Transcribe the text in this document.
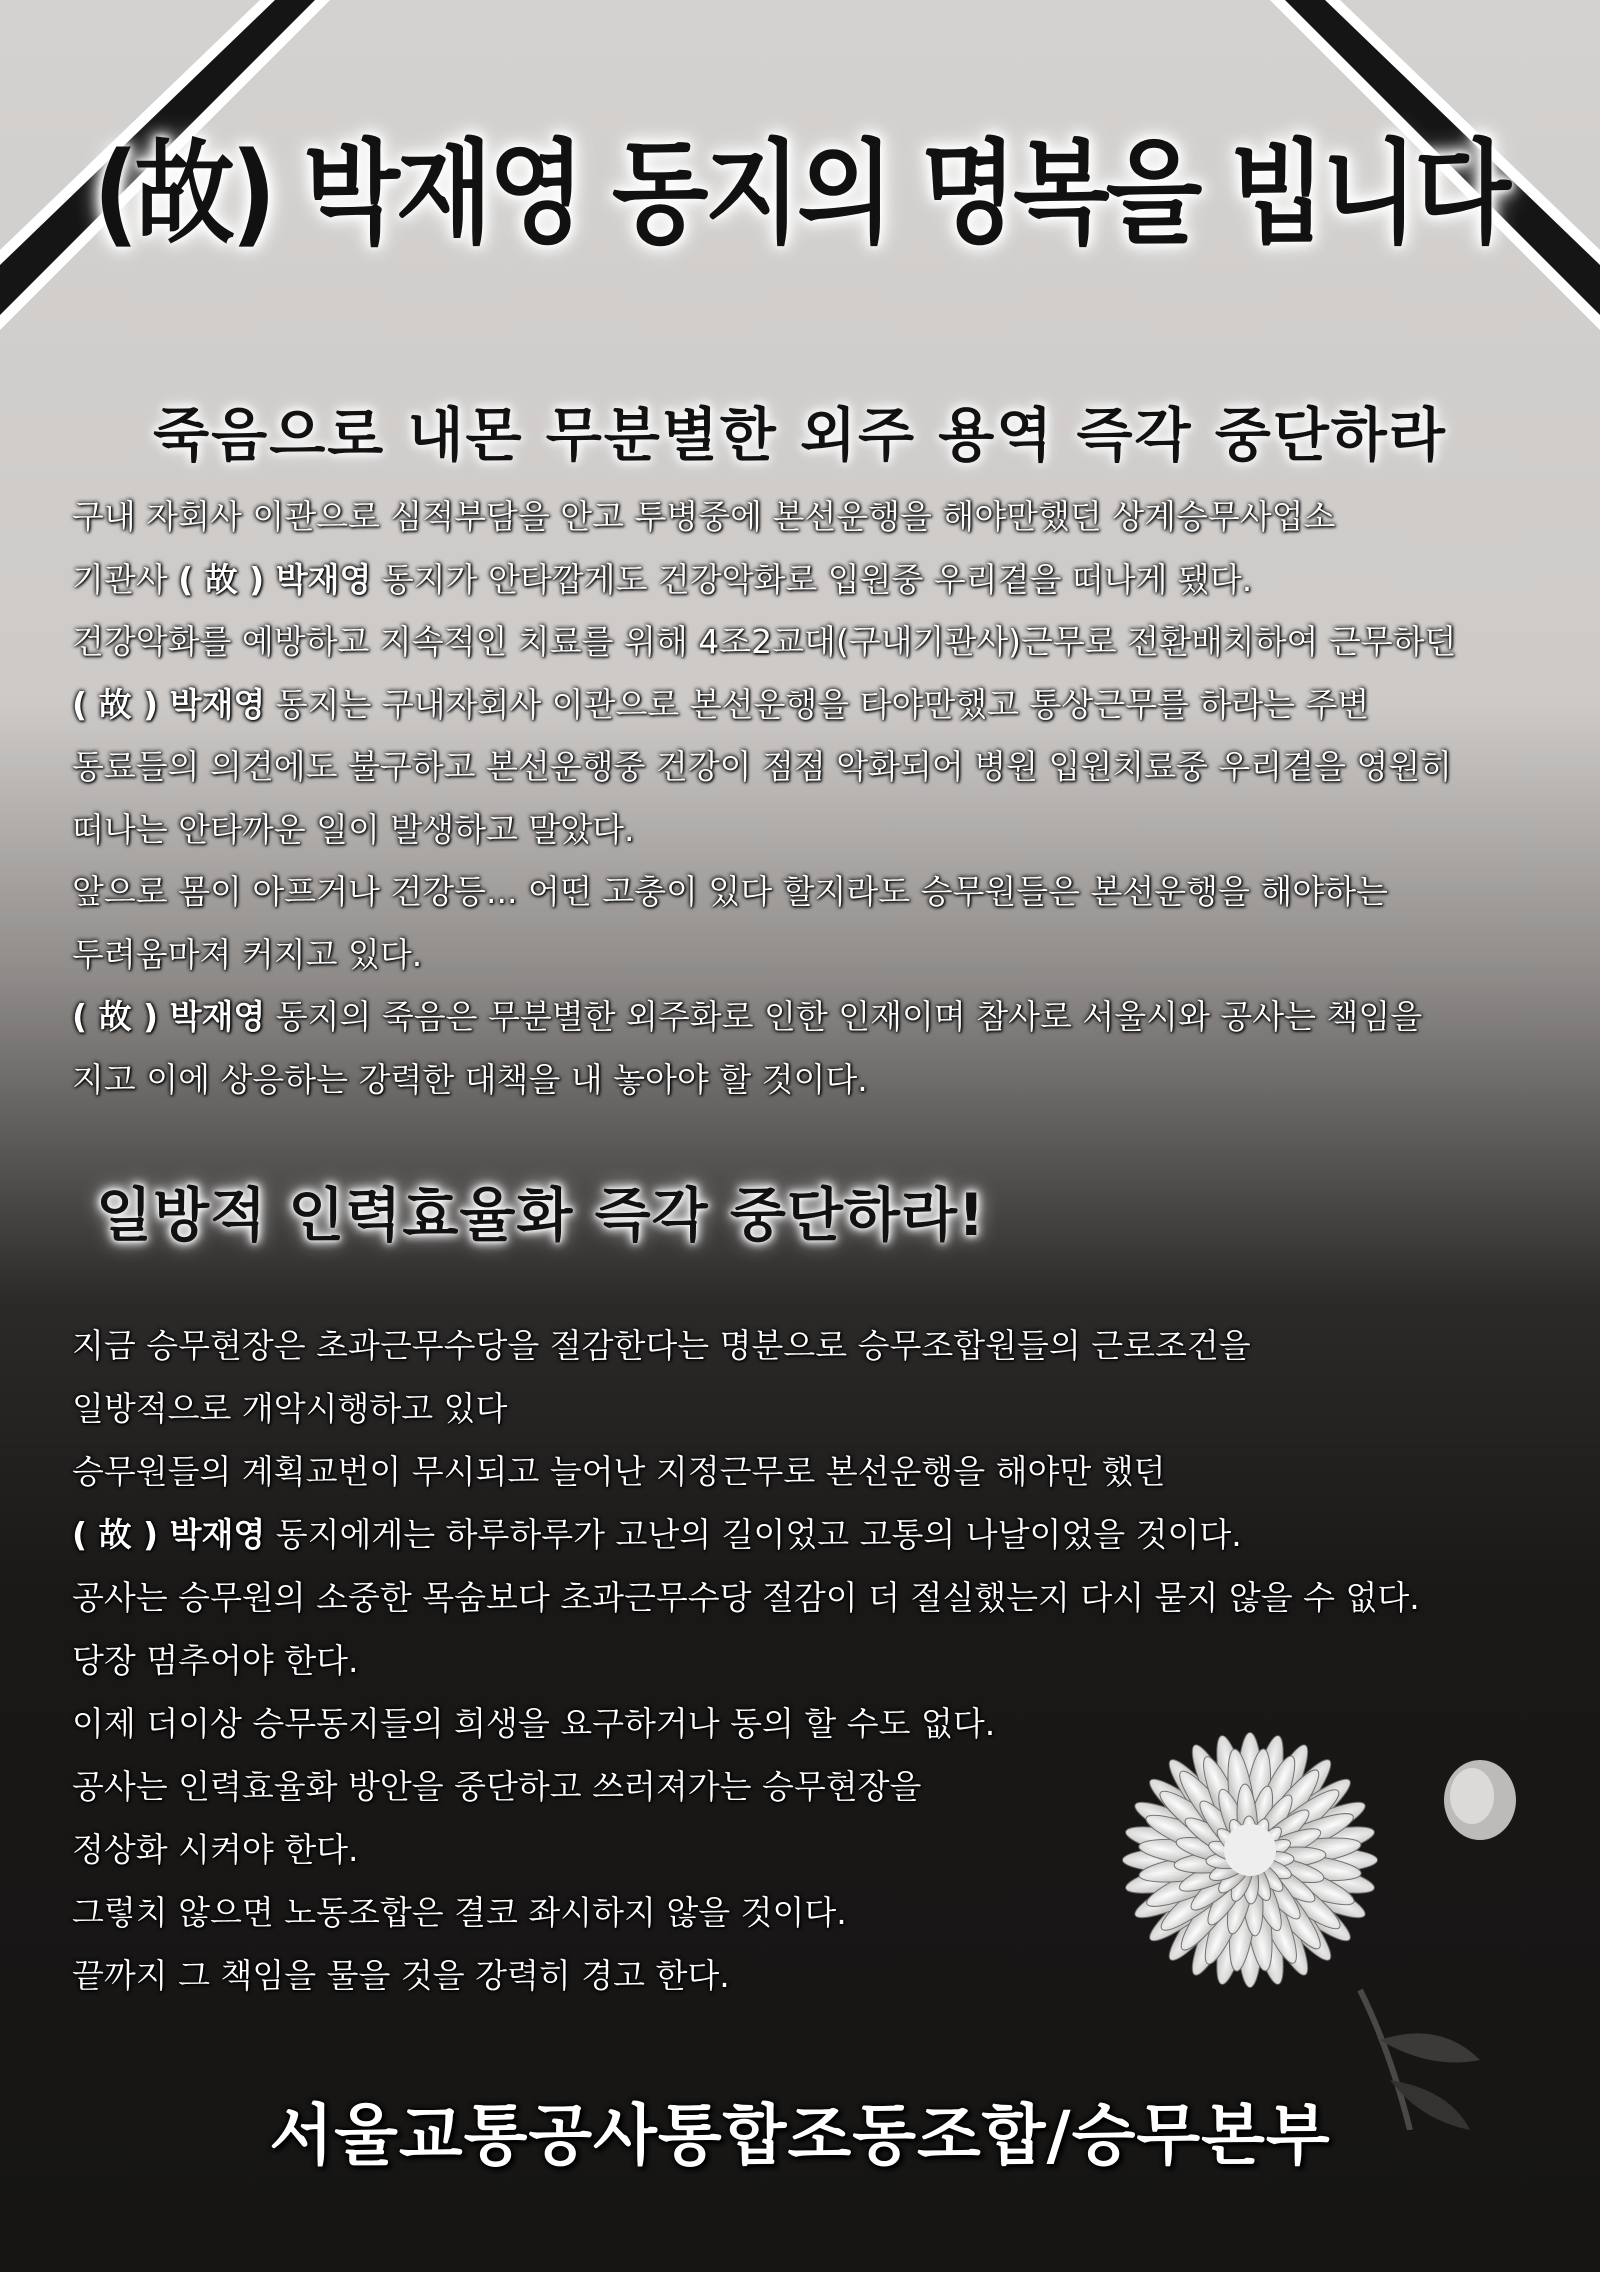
(故) 박재영 동지의 명복을 빕니다
죽음으로 내몬 무분별한 외주 용역 즉각 중단하라
구내 자회사 이관으로 심적부담을 안고 투병중에 본선운행을 해야만했던 상계승무사업소
기관사 ( 故 ) 박재영 동지가 안타깝게도 건강악화로 입원중 우리곁을 떠나게 됐다.
건강악화를 예방하고 지속적인 치료를 위해 4조2교대(구내기관사)근무로 전환배치하여 근무하던
( 故 ) 박재영 동지는 구내자회사 이관으로 본선운행을 타야만했고 통상근무를 하라는 주변
동료들의 의견에도 불구하고 본선운행중 건강이 점점 악화되어 병원 입원치료중 우리곁을 영원히
떠나는 안타까운 일이 발생하고 말았다.
앞으로 몸이 아프거나 건강등... 어떤 고충이 있다 할지라도 승무원들은 본선운행을 해야하는
두려움마져 커지고 있다.
( 故 ) 박재영 동지의 죽음은 무분별한 외주화로 인한 인재이며 참사로 서울시와 공사는 책임을
지고 이에 상응하는 강력한 대책을 내 놓아야 할 것이다.
일방적 인력효율화 즉각 중단하라!
지금 승무현장은 초과근무수당을 절감한다는 명분으로 승무조합원들의 근로조건을
일방적으로 개악시행하고 있다
승무원들의 계획교번이 무시되고 늘어난 지정근무로 본선운행을 해야만 했던
( 故 ) 박재영 동지에게는 하루하루가 고난의 길이었고 고통의 나날이었을 것이다.
공사는 승무원의 소중한 목숨보다 초과근무수당 절감이 더 절실했는지 다시 묻지 않을 수 없다.
당장 멈추어야 한다.
이제 더이상 승무동지들의 희생을 요구하거나 동의 할 수도 없다.
공사는 인력효율화 방안을 중단하고 쓰러져가는 승무현장을
정상화 시켜야 한다.
그렇치 않으면 노동조합은 결코 좌시하지 않을 것이다.
끝까지 그 책임을 물을 것을 강력히 경고 한다.
서울교통공사통합조동조합/승무본부
